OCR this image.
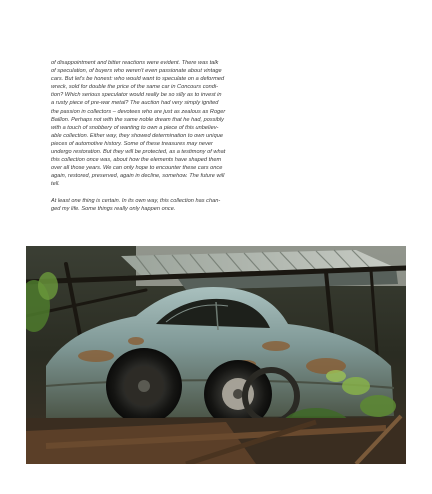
of disappointment and bitter reactions were evident. There was talk
of speculation, of buyers who weren't even passionate about vintage
cars. But let's be honest: who would want to speculate on a deformed
wreck, sold for double the price of the same car in Concours condi-
tion? Which serious speculator would really be so silly as to invest in
a rusty piece of pre-war metal? The auction had very simply ignited
the passion in collectors – devotees who are just as zealous as Roger
Baillon. Perhaps not with the same noble dream that he had, possibly
with a touch of snobbery of wanting to own a piece of this unbeliev-
able collection. Either way, they showed determination to own unique
pieces of automotive history. Some of these treasures may never
undergo restoration. But they will be protected, as a testimony of what
this collection once was, about how the elements have shaped them
over all those years. We can only hope to encounter these cars once
again, restored, preserved, again in decline, somehow. The future will
tell.

At least one thing is certain. In its own way, this collection has chan-
ged my life. Some things really only happen once.
